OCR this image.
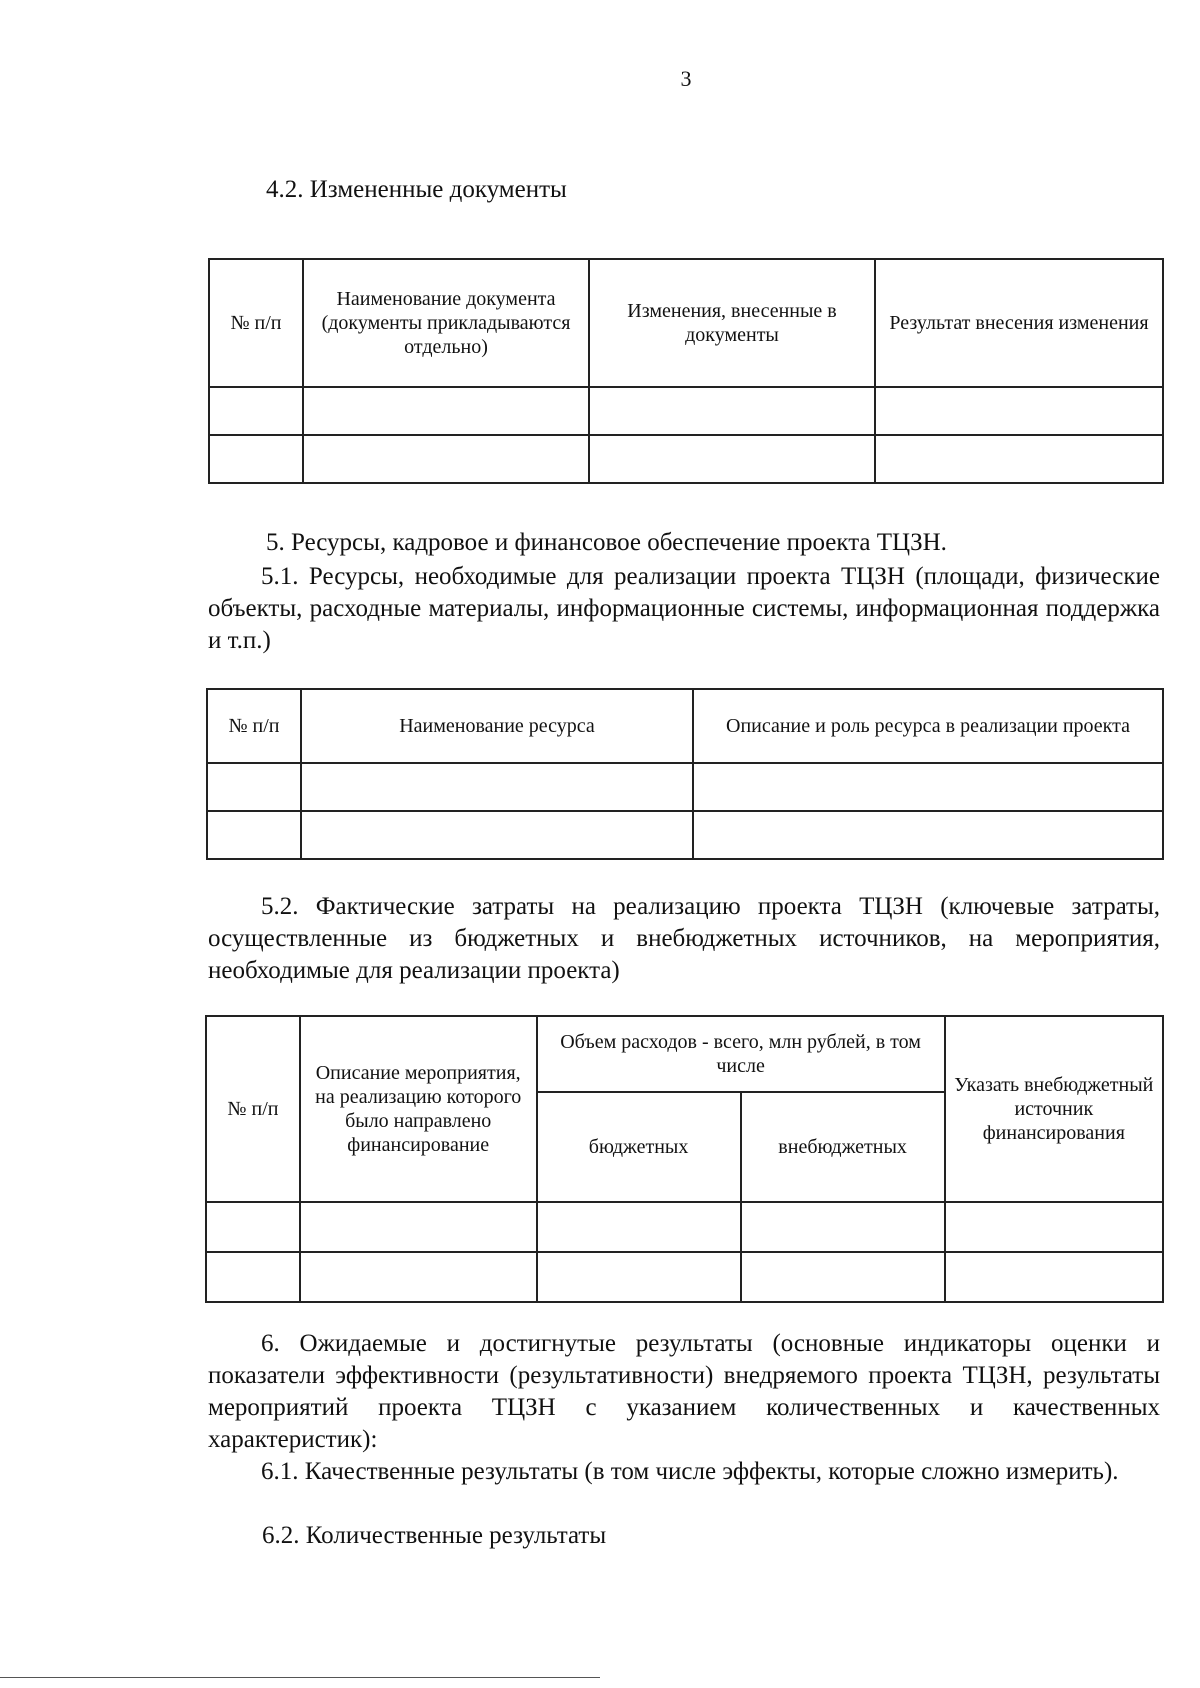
3
4.2. Измененные документы
№ п/п	Наименование документа (документы прикладываются отдельно)	Изменения, внесенные в документы	Результат внесения изменения

5. Ресурсы, кадровое и финансовое обеспечение проекта ТЦЗН.
5.1. Ресурсы, необходимые для реализации проекта ТЦЗН (площади, физические объекты, расходные материалы, информационные системы, информационная поддержка и т.п.)
№ п/п	Наименование ресурса	Описание и роль ресурса в реализации проекта

5.2. Фактические затраты на реализацию проекта ТЦЗН (ключевые затраты, осуществленные из бюджетных и внебюджетных источников, на мероприятия, необходимые для реализации проекта)
№ п/п	Описание мероприятия, на реализацию которого было направлено финансирование	Объем расходов - всего, млн рублей, в том числе		Указать внебюджетный источник финансирования
		бюджетных	внебюджетных	

6. Ожидаемые и достигнутые результаты (основные индикаторы оценки и показатели эффективности (результативности) внедряемого проекта ТЦЗН, результаты мероприятий проекта ТЦЗН с указанием количественных и качественных характеристик):
6.1. Качественные результаты (в том числе эффекты, которые сложно измерить).
6.2. Количественные результаты
